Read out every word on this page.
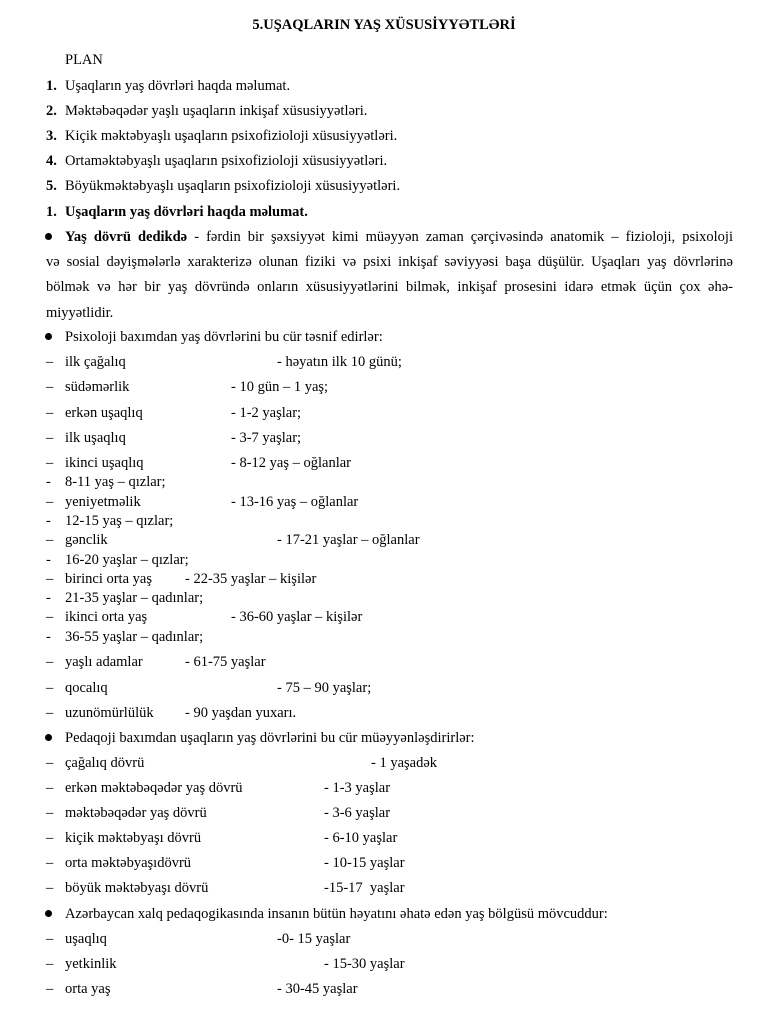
5.UŞAQLARIN YAŞ XÜSUSİYYƏTLƏRİ
PLAN
1. Uşaqların yaş dövrləri haqda məlumat.
2. Məktəbəqədər yaşlı uşaqların inkişaf xüsusiyyətləri.
3. Kiçik məktəbyaşlı uşaqların psixofizioloji xüsusiyyətləri.
4. Ortaməktəbyaşlı uşaqların psixofizioloji xüsusiyyətləri.
5. Böyükməktəbyaşlı uşaqların psixofizioloji xüsusiyyətləri.
1. Uşaqların yaş dövrləri haqda məlumat.
Yaş dövrü dedikdə - fərdin bir şəxsiyyət kimi müəyyən zaman çərçivəsində anatomik – fizioloji, psixoloji
və sosial dəyişmələrlə xarakterizə olunan fiziki və psixi inkişaf səviyyəsi başa düşülür. Uşaqları yaş dövrlərinə
bölmək və hər bir yaş dövründə onların xüsusiyyətlərini bilmək, inkişaf prosesini idarə etmək üçün çox əhə-
miyyətlidir.
Psixoloji baxımdan yaş dövrlərini bu cür təsnif edirlər:
– ilk çağalıq	- həyatın ilk 10 günü;
– südəmərlik	- 10 gün – 1 yaş;
– erkən uşaqlıq	- 1-2 yaşlar;
– ilk uşaqlıq	- 3-7 yaşlar;
– ikinci uşaqlıq	- 8-12 yaş – oğlanlar
- 8-11 yaş – qızlar;
– yeniyetməlik	- 13-16 yaş – oğlanlar
- 12-15 yaş – qızlar;
– gənclik	- 17-21 yaşlar – oğlanlar
- 16-20 yaşlar – qızlar;
– birinci orta yaş - 22-35 yaşlar – kişilər
- 21-35 yaşlar – qadınlar;
– ikinci orta yaş	- 36-60 yaşlar – kişilər
- 36-55 yaşlar – qadınlar;
– yaşlı adamlar	- 61-75 yaşlar
– qocalıq	- 75 – 90 yaşlar;
– uzunömürlülük - 90 yaşdan yuxarı.
Pedaqoji baxımdan uşaqların yaş dövrlərini bu cür müəyyənləşdirirlər:
– çağalıq dövrü	- 1 yaşadək
– erkən məktəbəqədər yaş dövrü	- 1-3 yaşlar
– məktəbəqədər yaş dövrü	- 3-6 yaşlar
– kiçik məktəbyaşı dövrü	- 6-10 yaşlar
– orta məktəbyaşıdövrü	- 10-15 yaşlar
– böyük məktəbyaşı dövrü	-15-17  yaşlar
Azərbaycan xalq pedaqogikasında insanın bütün həyatını əhatə edən yaş bölgüsü mövcuddur:
– uşaqlıq	-0- 15 yaşlar
– yetkinlik	- 15-30 yaşlar
– orta yaş	- 30-45 yaşlar
